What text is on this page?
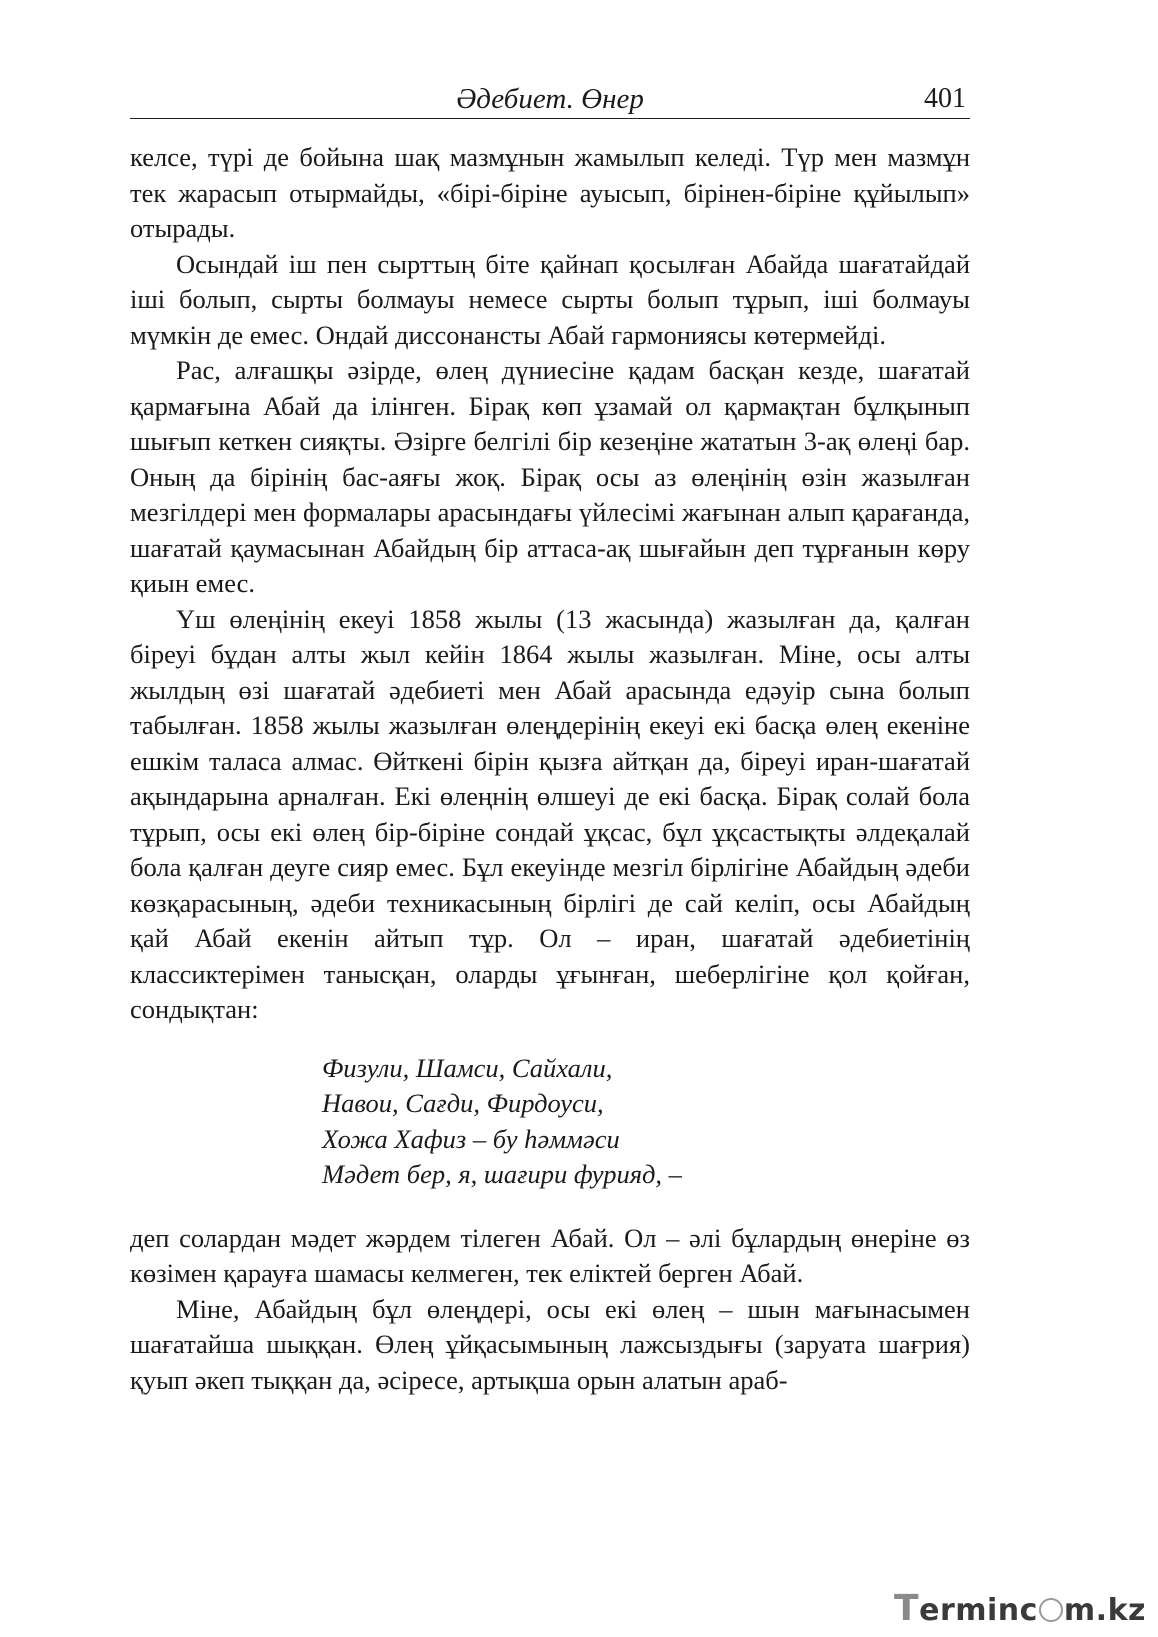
Әдебиет. Өнер	401

келсе, түрі де бойына шақ мазмұнын жамылып келеді. Түр мен мазмұн тек жарасып отырмайды, «бірі-біріне ауысып, бірінен-біріне құйылып» отырады.

Осындай іш пен сырттың біте қайнап қосылған Абайда шағатайдай іші болып, сырты болмауы немесе сырты болып тұрып, іші болмауы мүмкін де емес. Ондай диссонансты Абай гармониясы көтермейді.

Рас, алғашқы әзірде, өлең дүниесіне қадам басқан кезде, шағатай қармағына Абай да ілінген. Бірақ көп ұзамай ол қармақтан бұлқынып шығып кеткен сияқты. Әзірге белгілі бір кезеңіне жататын 3-ақ өлеңі бар. Оның да бірінің бас-аяғы жоқ. Бірақ осы аз өлеңінің өзін жазылған мезгілдері мен формалары арасындағы үйлесімі жағынан алып қарағанда, шағатай қаумасынан Абайдың бір аттаса-ақ шығайын деп тұрғанын көру қиын емес.

Үш өлеңінің екеуі 1858 жылы (13 жасында) жазылған да, қалған біреуі бұдан алты жыл кейін 1864 жылы жазылған. Міне, осы алты жылдың өзі шағатай әдебиеті мен Абай арасында едәуір сына болып табылған. 1858 жылы жазылған өлеңдерінің екеуі екі басқа өлең екеніне ешкім таласа алмас. Өйткені бірін қызға айтқан да, біреуі иран-шағатай ақындарына арналған. Екі өлеңнің өлшеуі де екі басқа. Бірақ солай бола тұрып, осы екі өлең бір-біріне сондай ұқсас, бұл ұқсастықты әлдеқалай бола қалған деуге сияр емес. Бұл екеуінде мезгіл бірлігіне Абайдың әдеби көзқарасының, әдеби техникасының бірлігі де сай келіп, осы Абайдың қай Абай екенін айтып тұр. Ол – иран, шағатай әдебиетінің классиктерімен танысқан, оларды ұғынған, шеберлігіне қол қойған, сондықтан:

Физули, Шамси, Сайхали,
Навои, Сағди, Фирдоуси,
Хожа Хафиз – бу һәммәси
Мәдет бер, я, шағири фурияд, –

деп солардан мәдет жәрдем тілеген Абай. Ол – әлі бұлардың өнеріне өз көзімен қарауға шамасы келмеген, тек еліктей берген Абай.

Міне, Абайдың бұл өлеңдері, осы екі өлең – шын мағынасымен шағатайша шыққан. Өлең ұйқасымының лажсыздығы (заруата шағрия) қуып әкеп тыққан да, әсіресе, артықша орын алатын араб-

Terminc m.kz
